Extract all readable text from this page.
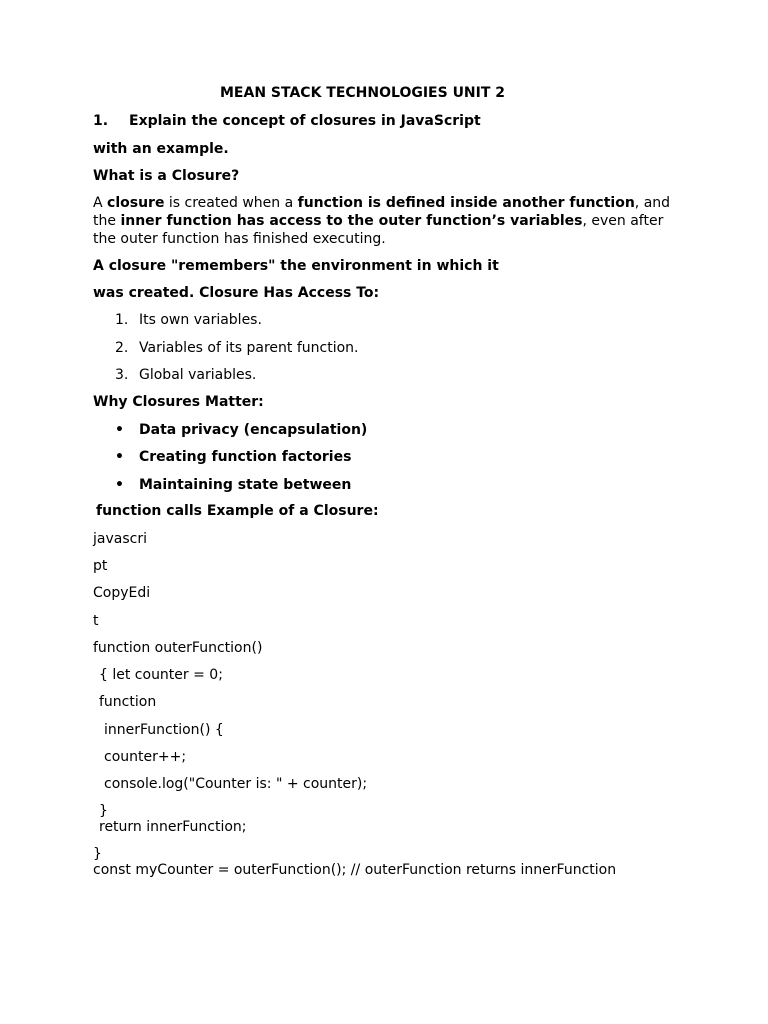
MEAN STACK TECHNOLOGIES UNIT 2
1. Explain the concept of closures in JavaScript
with an example.
What is a Closure?
A closure is created when a function is defined inside another function, and the inner function has access to the outer function’s variables, even after the outer function has finished executing.
A closure "remembers" the environment in which it
was created. Closure Has Access To:
1. Its own variables.
2. Variables of its parent function.
3. Global variables.
Why Closures Matter:
• Data privacy (encapsulation)
• Creating function factories
• Maintaining state between
function calls Example of a Closure:
javascri
pt
CopyEdi
t
function outerFunction()
{ let counter = 0;
function
innerFunction() {
counter++;
console.log("Counter is: " + counter);
}
return innerFunction;
}
const myCounter = outerFunction(); // outerFunction returns innerFunction
